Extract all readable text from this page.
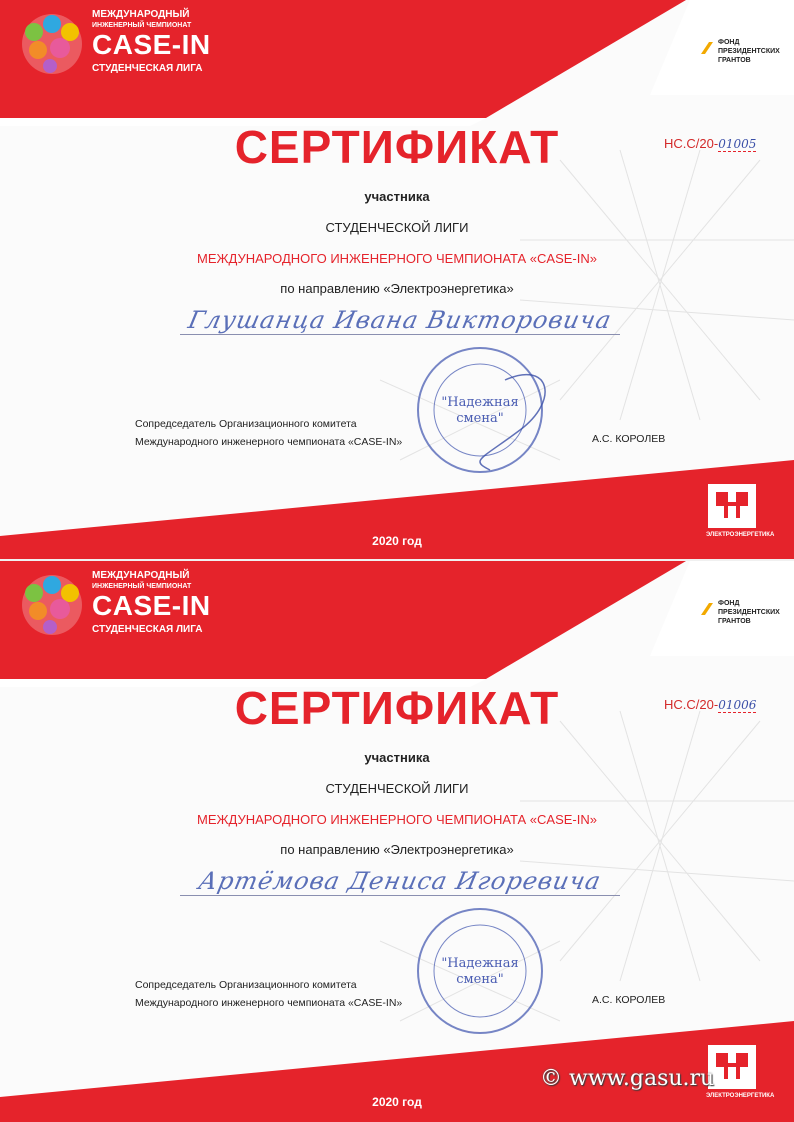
МЕЖДУНАРОДНЫЙ
ИНЖЕНЕРНЫЙ ЧЕМПИОНАТ
CASE-IN
СТУДЕНЧЕСКАЯ ЛИГА
ФОНД
ПРЕЗИДЕНТСКИХ
ГРАНТОВ
СЕРТИФИКАТ	НС.С/20-01005
участника
СТУДЕНЧЕСКОЙ ЛИГИ
МЕЖДУНАРОДНОГО ИНЖЕНЕРНОГО ЧЕМПИОНАТА «CASE-IN»
по направлению «Электроэнергетика»
Глушанца Ивана Викторовича
Сопредседатель Организационного комитета
Международного инженерного чемпионата «CASE-IN»
"Надежная
смена"
А.С. КОРОЛЕВ
ЭЛЕКТРОЭНЕРГЕТИКА
2020 год
МЕЖДУНАРОДНЫЙ
ИНЖЕНЕРНЫЙ ЧЕМПИОНАТ
CASE-IN
СТУДЕНЧЕСКАЯ ЛИГА
ФОНД
ПРЕЗИДЕНТСКИХ
ГРАНТОВ
СЕРТИФИКАТ	НС.С/20-01006
участника
СТУДЕНЧЕСКОЙ ЛИГИ
МЕЖДУНАРОДНОГО ИНЖЕНЕРНОГО ЧЕМПИОНАТА «CASE-IN»
по направлению «Электроэнергетика»
Артёмова Дениса Игоревича
Сопредседатель Организационного комитета
Международного инженерного чемпионата «CASE-IN»
"Надежная
смена"
А.С. КОРОЛЕВ
ЭЛЕКТРОЭНЕРГЕТИКА
2020 год
© www.gasu.ru
